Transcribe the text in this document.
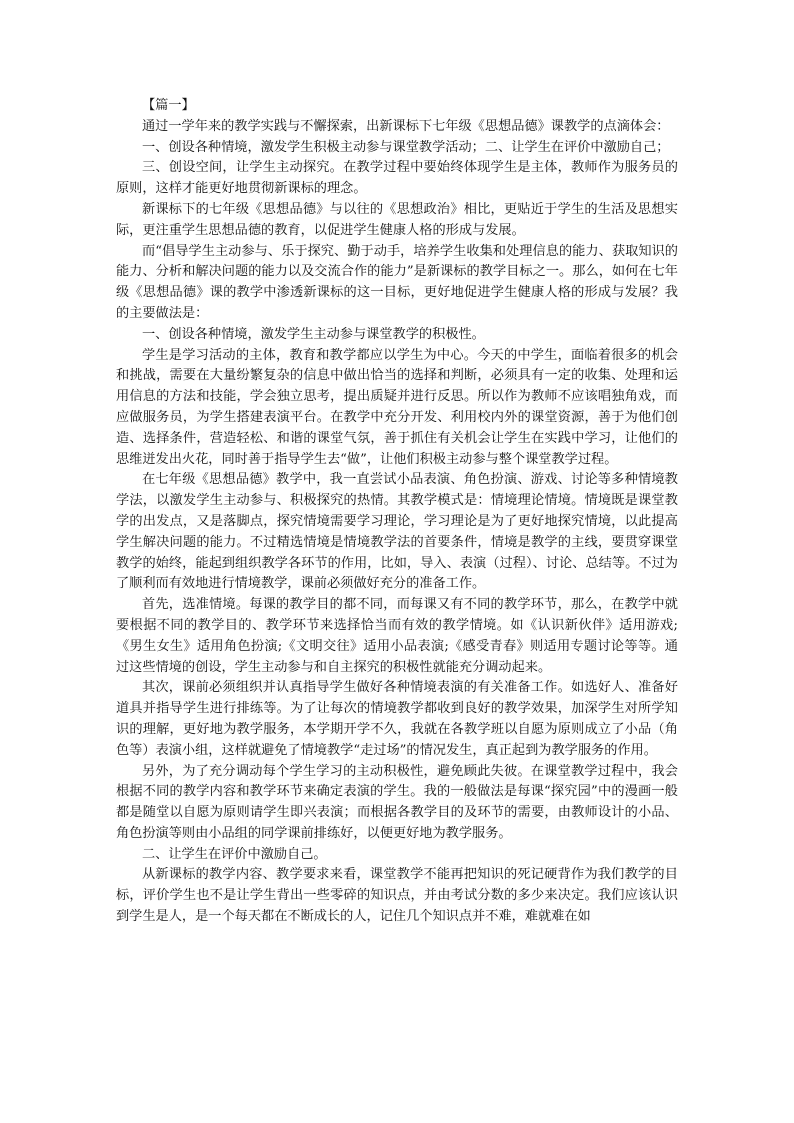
【篇一】

通过一学年来的教学实践与不懈探索，出新课标下七年级《思想品德》课教学的点滴体会：

一、创设各种情境，激发学生积极主动参与课堂教学活动；二、让学生在评价中激励自己；

三、创设空间，让学生主动探究。在教学过程中要始终体现学生是主体，教师作为服务员的原则，这样才能更好地贯彻新课标的理念。

新课标下的七年级《思想品德》与以往的《思想政治》相比，更贴近于学生的生活及思想实际，更注重学生思想品德的教育，以促进学生健康人格的形成与发展。

而“倡导学生主动参与、乐于探究、勤于动手，培养学生收集和处理信息的能力、获取知识的能力、分析和解决问题的能力以及交流合作的能力”是新课标的教学目标之一。那么，如何在七年级《思想品德》课的教学中渗透新课标的这一目标，更好地促进学生健康人格的形成与发展？我的主要做法是：

一、创设各种情境，激发学生主动参与课堂教学的积极性。

学生是学习活动的主体，教育和教学都应以学生为中心。今天的中学生，面临着很多的机会和挑战，需要在大量纷繁复杂的信息中做出恰当的选择和判断，必须具有一定的收集、处理和运用信息的方法和技能，学会独立思考，提出质疑并进行反思。所以作为教师不应该唱独角戏，而应做服务员，为学生搭建表演平台。在教学中充分开发、利用校内外的课堂资源，善于为他们创造、选择条件，营造轻松、和谐的课堂气氛，善于抓住有关机会让学生在实践中学习，让他们的思维迸发出火花，同时善于指导学生去“做”，让他们积极主动参与整个课堂教学过程。

在七年级《思想品德》教学中，我一直尝试小品表演、角色扮演、游戏、讨论等多种情境教学法，以激发学生主动参与、积极探究的热情。其教学模式是：情境理论情境。情境既是课堂教学的出发点，又是落脚点，探究情境需要学习理论，学习理论是为了更好地探究情境，以此提高学生解决问题的能力。不过精选情境是情境教学法的首要条件，情境是教学的主线，要贯穿课堂教学的始终，能起到组织教学各环节的作用，比如，导入、表演（过程）、讨论、总结等。不过为了顺利而有效地进行情境教学，课前必须做好充分的准备工作。

首先，选准情境。每课的教学目的都不同，而每课又有不同的教学环节，那么，在教学中就要根据不同的教学目的、教学环节来选择恰当而有效的教学情境。如《认识新伙伴》适用游戏;《男生女生》适用角色扮演;《文明交往》适用小品表演;《感受青春》则适用专题讨论等等。通过这些情境的创设，学生主动参与和自主探究的积极性就能充分调动起来。

其次，课前必须组织并认真指导学生做好各种情境表演的有关准备工作。如选好人、准备好道具并指导学生进行排练等。为了让每次的情境教学都收到良好的教学效果，加深学生对所学知识的理解，更好地为教学服务，本学期开学不久，我就在各教学班以自愿为原则成立了小品（角色等）表演小组，这样就避免了情境教学“走过场”的情况发生，真正起到为教学服务的作用。

另外，为了充分调动每个学生学习的主动积极性，避免顾此失彼。在课堂教学过程中，我会根据不同的教学内容和教学环节来确定表演的学生。我的一般做法是每课“探究园”中的漫画一般都是随堂以自愿为原则请学生即兴表演；而根据各教学目的及环节的需要，由教师设计的小品、角色扮演等则由小品组的同学课前排练好，以便更好地为教学服务。

二、让学生在评价中激励自己。

从新课标的教学内容、教学要求来看，课堂教学不能再把知识的死记硬背作为我们教学的目标，评价学生也不是让学生背出一些零碎的知识点，并由考试分数的多少来决定。我们应该认识到学生是人，是一个每天都在不断成长的人，记住几个知识点并不难，难就难在如
